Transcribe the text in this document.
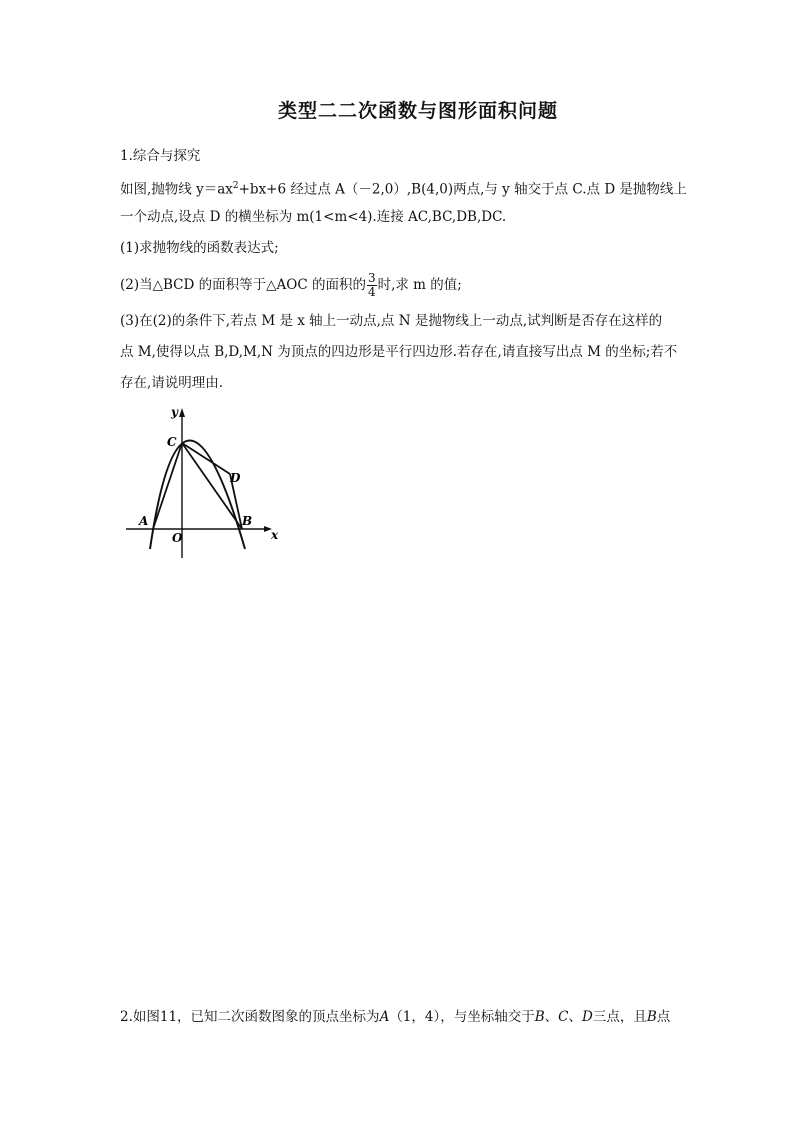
类型二二次函数与图形面积问题
1.综合与探究
如图,抛物线 $y=ax^2+bx+6$ 经过点 A（－2,0）,B(4,0)两点,与 y 轴交于点 C.点 D 是抛物线上
一个动点,设点 D 的横坐标为 m(1<m<4).连接 AC,BC,DB,DC.
(1)求抛物线的函数表达式;
(2)当△BCD 的面积等于△AOC 的面积的 $\frac{3}{4}$ 时,求 m 的值;
(3)在(2)的条件下,若点 M 是 x 轴上一动点,点 N 是抛物线上一动点,试判断是否存在这样的
点 M,使得以点 B,D,M,N 为顶点的四边形是平行四边形.若存在,请直接写出点 M 的坐标;若不
存在,请说明理由.
y
C
D
A	B
O	x
2.如图11，已知二次函数图象的顶点坐标为A（1，4），与坐标轴交于B、C、D三点，且B点
